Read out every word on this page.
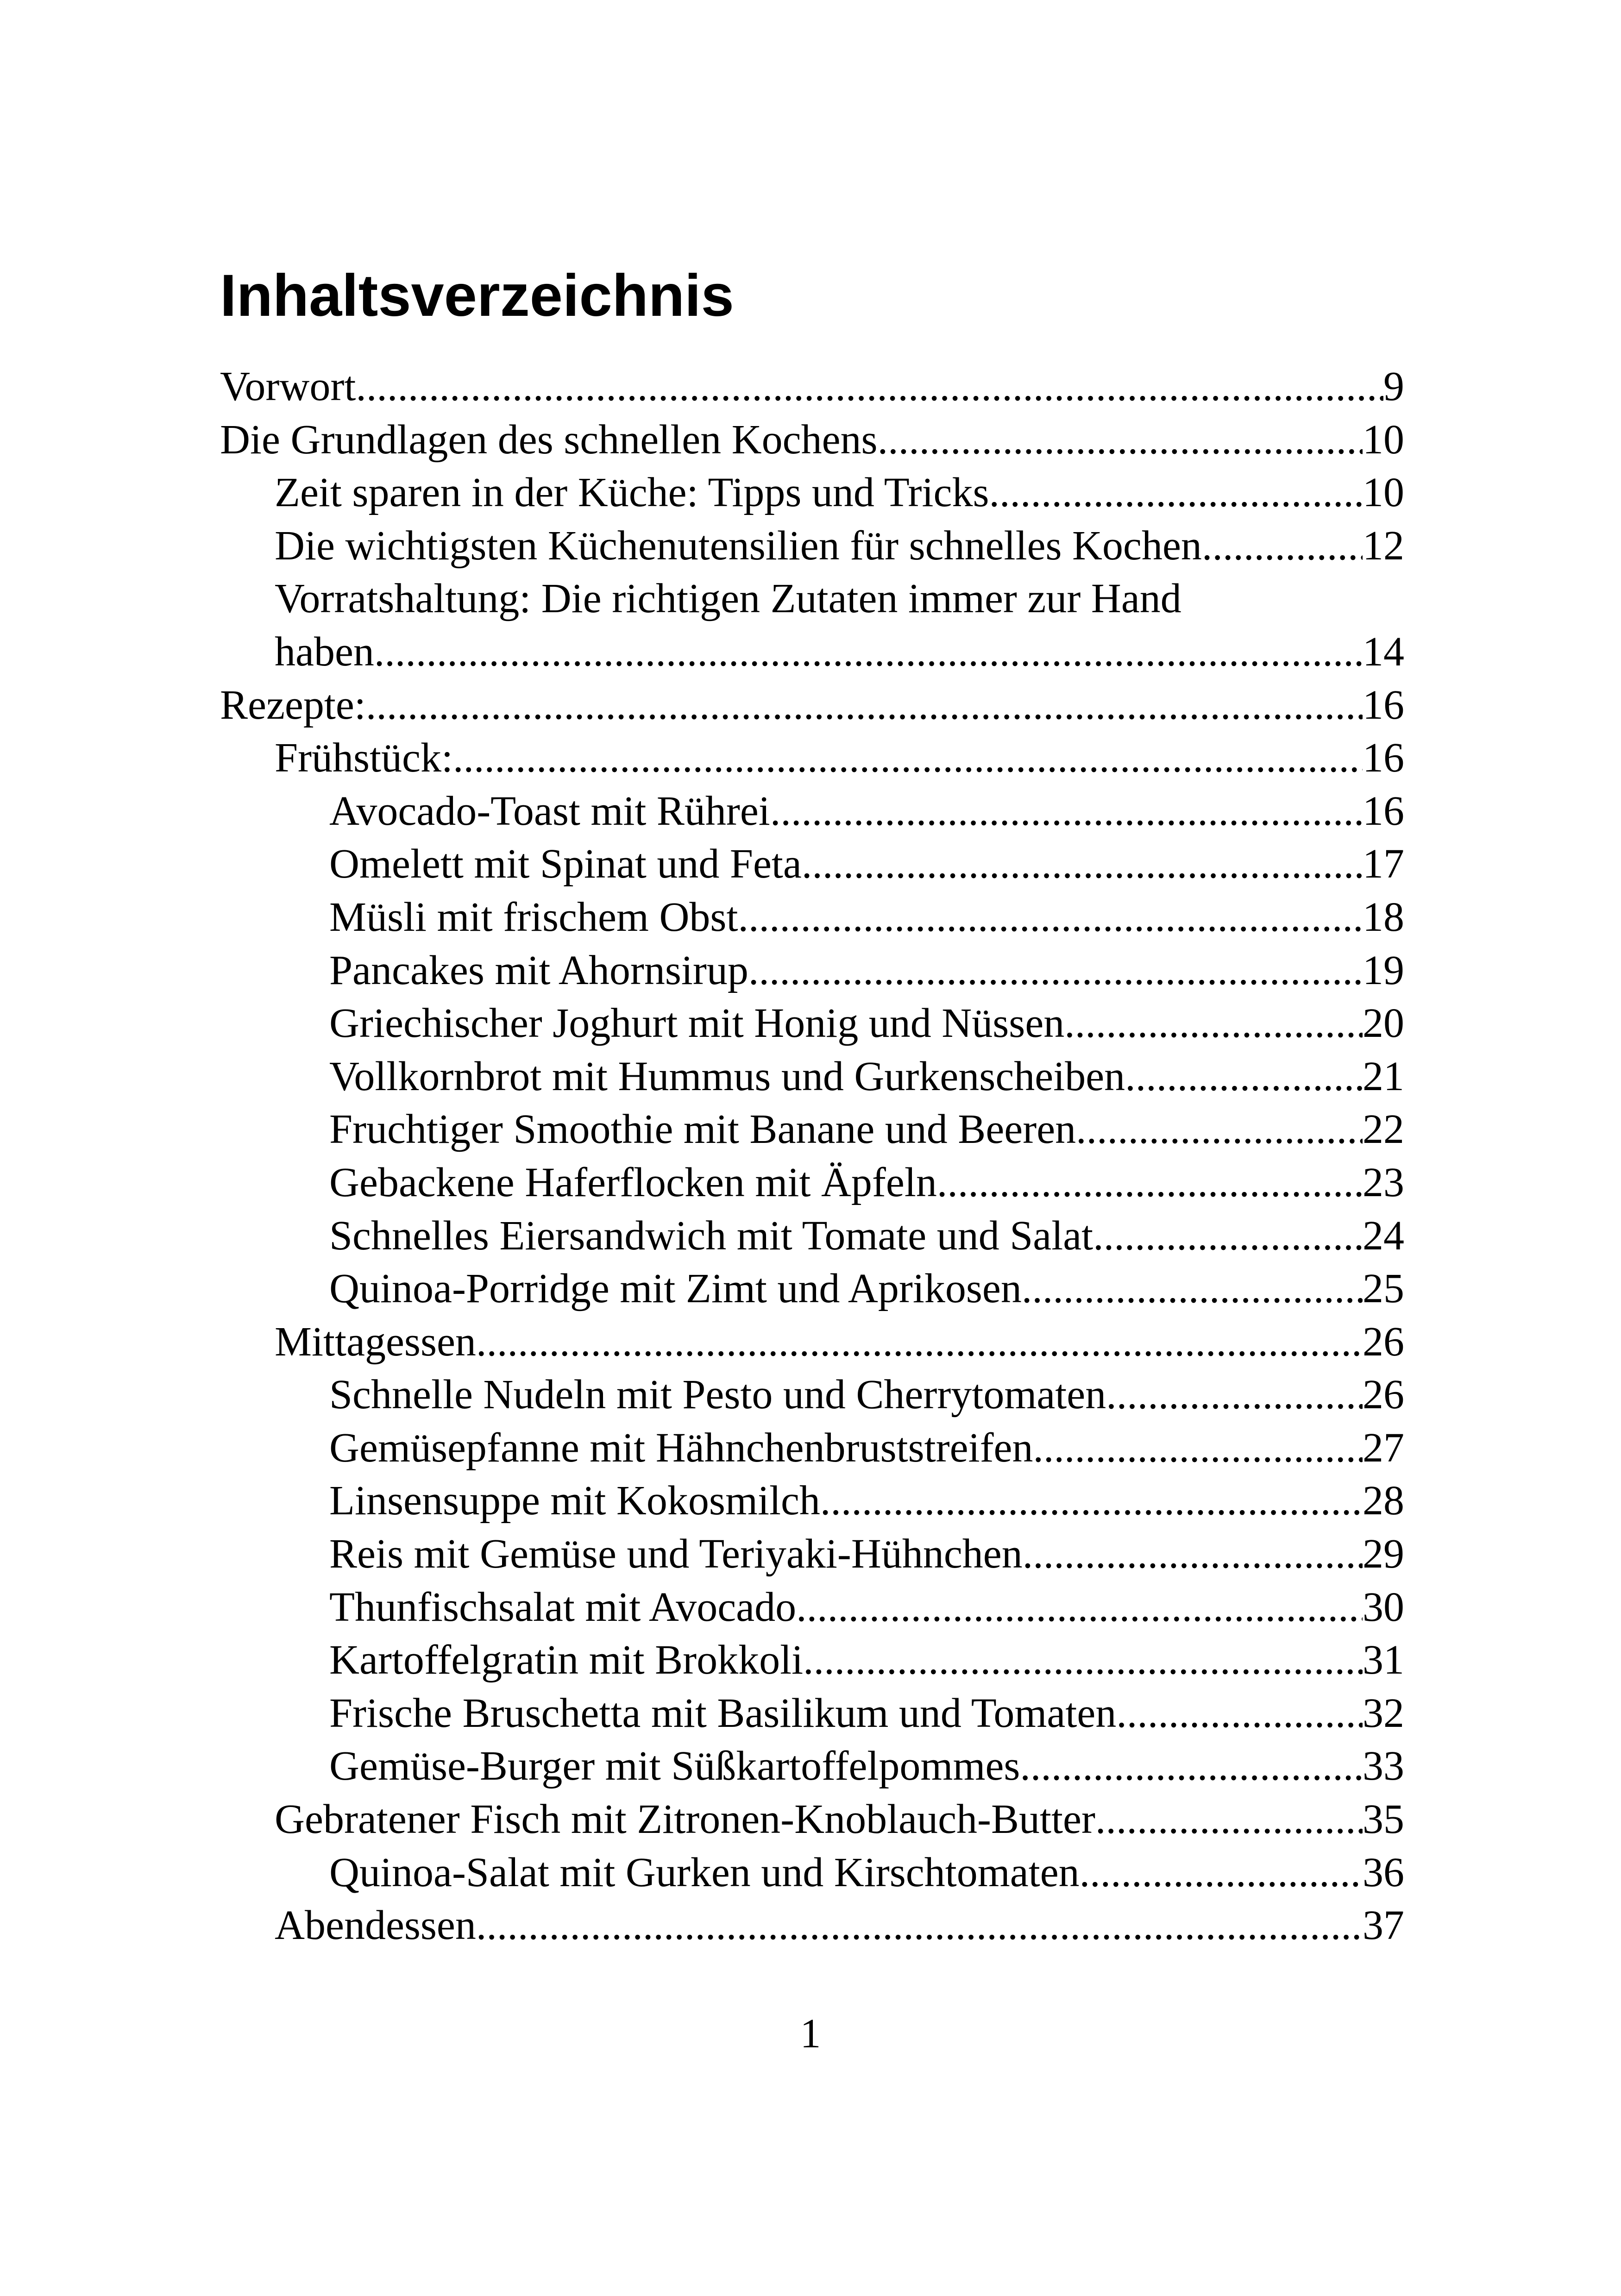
Inhaltsverzeichnis
Vorwort .....	9
Die Grundlagen des schnellen Kochens .....	10
Zeit sparen in der Küche: Tipps und Tricks .....	10
Die wichtigsten Küchenutensilien für schnelles Kochen .....	12
Vorratshaltung: Die richtigen Zutaten immer zur Hand
haben .....	14
Rezepte: .....	16
Frühstück: .....	16
Avocado-Toast mit Rührei .....	16
Omelett mit Spinat und Feta .....	17
Müsli mit frischem Obst .....	18
Pancakes mit Ahornsirup .....	19
Griechischer Joghurt mit Honig und Nüssen .....	20
Vollkornbrot mit Hummus und Gurkenscheiben .....	21
Fruchtiger Smoothie mit Banane und Beeren .....	22
Gebackene Haferflocken mit Äpfeln .....	23
Schnelles Eiersandwich mit Tomate und Salat .....	24
Quinoa-Porridge mit Zimt und Aprikosen .....	25
Mittagessen .....	26
Schnelle Nudeln mit Pesto und Cherrytomaten .....	26
Gemüsepfanne mit Hähnchenbruststreifen .....	27
Linsensuppe mit Kokosmilch .....	28
Reis mit Gemüse und Teriyaki-Hühnchen .....	29
Thunfischsalat mit Avocado .....	30
Kartoffelgratin mit Brokkoli .....	31
Frische Bruschetta mit Basilikum und Tomaten .....	32
Gemüse-Burger mit Süßkartoffelpommes .....	33
Gebratener Fisch mit Zitronen-Knoblauch-Butter .....	35
Quinoa-Salat mit Gurken und Kirschtomaten .....	36
Abendessen .....	37
1
